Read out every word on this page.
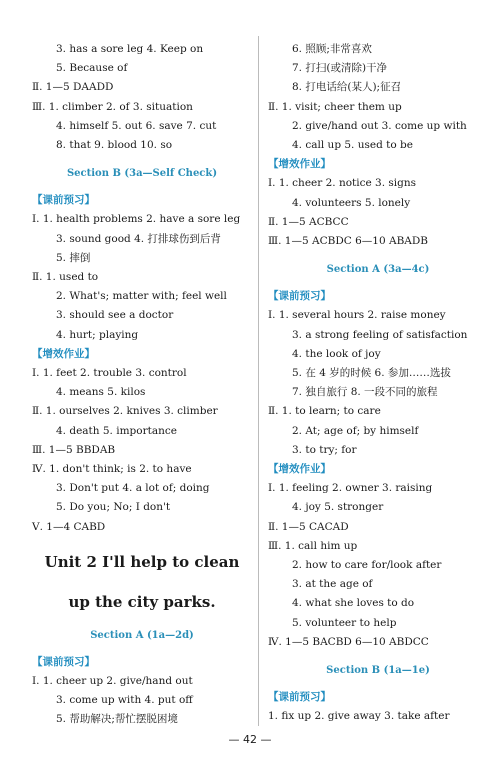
3. has a sore leg 4. Keep on
5. Because of
Ⅱ. 1—5 DAADD
Ⅲ. 1. climber 2. of 3. situation
4. himself 5. out 6. save 7. cut
8. that 9. blood 10. so
Section B (3a—Self Check)
【课前预习】
Ⅰ. 1. health problems 2. have a sore leg
3. sound good 4. 打排球伤到后背
5. 摔倒
Ⅱ. 1. used to
2. What's; matter with; feel well
3. should see a doctor
4. hurt; playing
【增效作业】
Ⅰ. 1. feet 2. trouble 3. control
4. means 5. kilos
Ⅱ. 1. ourselves 2. knives 3. climber
4. death 5. importance
Ⅲ. 1—5 BBDAB
Ⅳ. 1. don't think; is 2. to have
3. Don't put 4. a lot of; doing
5. Do you; No; I don't
Ⅴ. 1—4 CABD
Unit 2 I'll help to clean
up the city parks.
Section A (1a—2d)
【课前预习】
Ⅰ. 1. cheer up 2. give/hand out
3. come up with 4. put off
5. 帮助解决;帮忙摆脱困境
6. 照顾;非常喜欢
7. 打扫(或清除)干净
8. 打电话给(某人);征召
Ⅱ. 1. visit; cheer them up
2. give/hand out 3. come up with
4. call up 5. used to be
【增效作业】
Ⅰ. 1. cheer 2. notice 3. signs
4. volunteers 5. lonely
Ⅱ. 1—5 ACBCC
Ⅲ. 1—5 ACBDC 6—10 ABADB
Section A (3a—4c)
【课前预习】
Ⅰ. 1. several hours 2. raise money
3. a strong feeling of satisfaction
4. the look of joy
5. 在 4 岁的时候 6. 参加……选拔
7. 独自旅行 8. 一段不同的旅程
Ⅱ. 1. to learn; to care
2. At; age of; by himself
3. to try; for
【增效作业】
Ⅰ. 1. feeling 2. owner 3. raising
4. joy 5. stronger
Ⅱ. 1—5 CACAD
Ⅲ. 1. call him up
2. how to care for/look after
3. at the age of
4. what she loves to do
5. volunteer to help
Ⅳ. 1—5 BACBD 6—10 ABDCC
Section B (1a—1e)
【课前预习】
1. fix up 2. give away 3. take after
— 42 —
